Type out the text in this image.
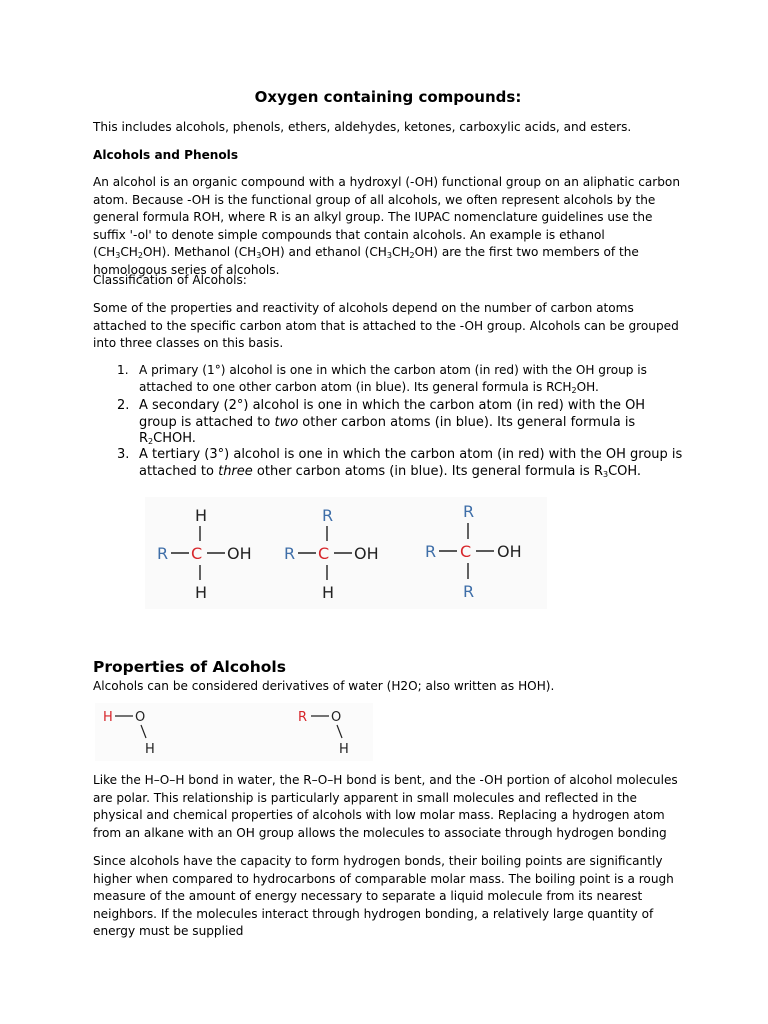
Oxygen containing compounds:
This includes alcohols, phenols, ethers, aldehydes, ketones, carboxylic acids, and esters.
Alcohols and Phenols
An alcohol is an organic compound with a hydroxyl (-OH) functional group on an aliphatic carbon atom. Because -OH is the functional group of all alcohols, we often represent alcohols by the general formula ROH, where R is an alkyl group. The IUPAC nomenclature guidelines use the suffix '-ol' to denote simple compounds that contain alcohols. An example is ethanol $(CH_3CH_2OH)$. Methanol $(CH_3OH)$ and ethanol $(CH_3CH_2OH)$ are the first two members of the homologous series of alcohols.
Classification of Alcohols:
Some of the properties and reactivity of alcohols depend on the number of carbon atoms attached to the specific carbon atom that is attached to the -OH group. Alcohols can be grouped into three classes on this basis.
1. A primary (1°) alcohol is one in which the carbon atom (in red) with the OH group is attached to one other carbon atom (in blue). Its general formula is $RCH_2OH$.
2. A secondary (2°) alcohol is one in which the carbon atom (in red) with the OH group is attached to two other carbon atoms (in blue). Its general formula is $R_2CHOH$.
3. A tertiary (3°) alcohol is one in which the carbon atom (in red) with the OH group is attached to three other carbon atoms (in blue). Its general formula is $R_3COH$.
H
R C OH
H
R
R C OH
H
R
R C OH
R
Properties of Alcohols
Alcohols can be considered derivatives of water (H2O; also written as HOH).
H O
H
R O
H
Like the H–O–H bond in water, the R–O–H bond is bent, and the -OH portion of alcohol molecules are polar. This relationship is particularly apparent in small molecules and reflected in the physical and chemical properties of alcohols with low molar mass. Replacing a hydrogen atom from an alkane with an OH group allows the molecules to associate through hydrogen bonding
Since alcohols have the capacity to form hydrogen bonds, their boiling points are significantly higher when compared to hydrocarbons of comparable molar mass. The boiling point is a rough measure of the amount of energy necessary to separate a liquid molecule from its nearest neighbors. If the molecules interact through hydrogen bonding, a relatively large quantity of energy must be supplied
